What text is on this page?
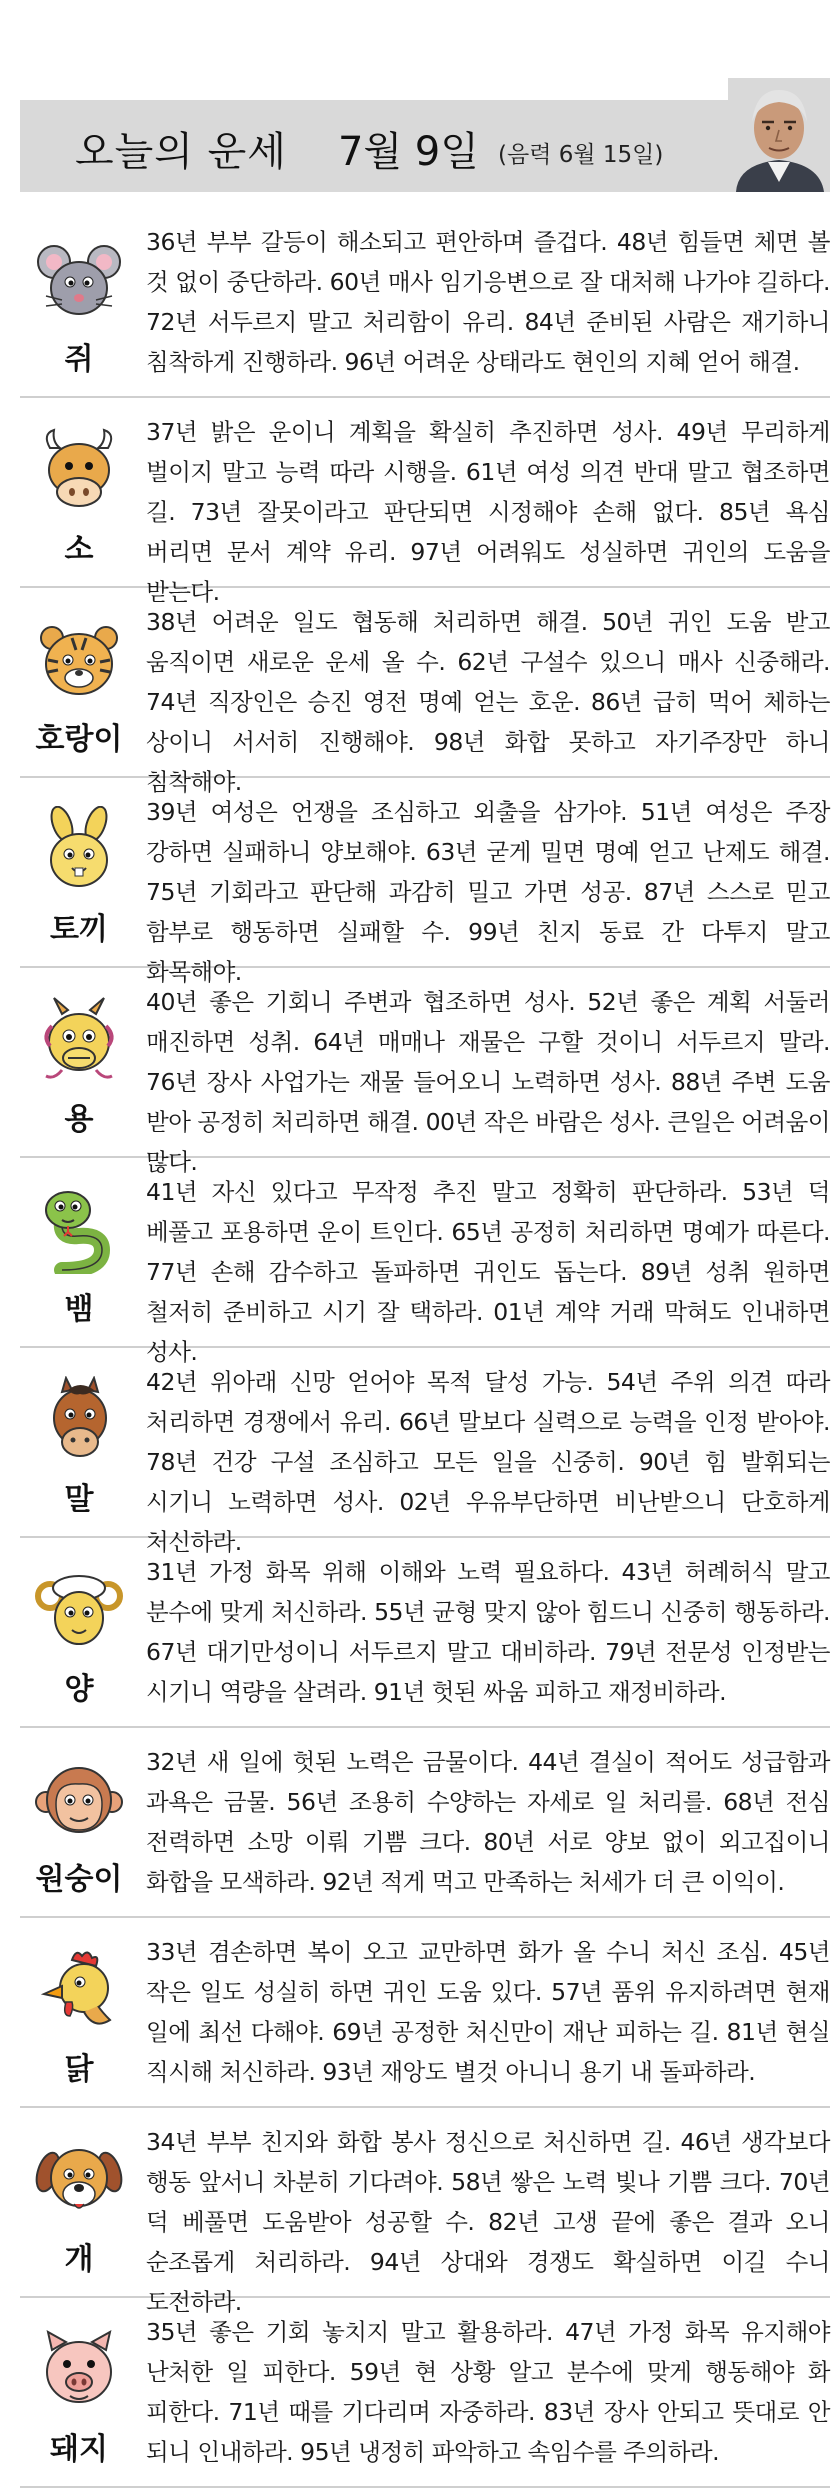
오늘의 운세 7월 9일 (음력 6월 15일)
쥐

36년 부부 갈등이 해소되고 편안하며 즐겁다. 48년 힘들면 체면 볼 것 없이 중단하라. 60년 매사 임기응변으로 잘 대처해 나가야 길하다. 72년 서두르지 말고 처리함이 유리. 84년 준비된 사람은 재기하니 침착하게 진행하라. 96년 어려운 상태라도 현인의 지혜 얻어 해결.

소

37년 밝은 운이니 계획을 확실히 추진하면 성사. 49년 무리하게 벌이지 말고 능력 따라 시행을. 61년 여성 의견 반대 말고 협조하면 길. 73년 잘못이라고 판단되면 시정해야 손해 없다. 85년 욕심 버리면 문서 계약 유리. 97년 어려워도 성실하면 귀인의 도움을 받는다.

호랑이

38년 어려운 일도 협동해 처리하면 해결. 50년 귀인 도움 받고 움직이면 새로운 운세 올 수. 62년 구설수 있으니 매사 신중해라. 74년 직장인은 승진 영전 명예 얻는 호운. 86년 급히 먹어 체하는 상이니 서서히 진행해야. 98년 화합 못하고 자기주장만 하니 침착해야.

토끼

39년 여성은 언쟁을 조심하고 외출을 삼가야. 51년 여성은 주장 강하면 실패하니 양보해야. 63년 굳게 밀면 명예 얻고 난제도 해결. 75년 기회라고 판단해 과감히 밀고 가면 성공. 87년 스스로 믿고 함부로 행동하면 실패할 수. 99년 친지 동료 간 다투지 말고 화목해야.

용

40년 좋은 기회니 주변과 협조하면 성사. 52년 좋은 계획 서둘러 매진하면 성취. 64년 매매나 재물은 구할 것이니 서두르지 말라. 76년 장사 사업가는 재물 들어오니 노력하면 성사. 88년 주변 도움 받아 공정히 처리하면 해결. 00년 작은 바람은 성사. 큰일은 어려움이 많다.

뱀

41년 자신 있다고 무작정 추진 말고 정확히 판단하라. 53년 덕 베풀고 포용하면 운이 트인다. 65년 공정히 처리하면 명예가 따른다. 77년 손해 감수하고 돌파하면 귀인도 돕는다. 89년 성취 원하면 철저히 준비하고 시기 잘 택하라. 01년 계약 거래 막혀도 인내하면 성사.

말

42년 위아래 신망 얻어야 목적 달성 가능. 54년 주위 의견 따라 처리하면 경쟁에서 유리. 66년 말보다 실력으로 능력을 인정 받아야. 78년 건강 구설 조심하고 모든 일을 신중히. 90년 힘 발휘되는 시기니 노력하면 성사. 02년 우유부단하면 비난받으니 단호하게 처신하라.

양

31년 가정 화목 위해 이해와 노력 필요하다. 43년 허례허식 말고 분수에 맞게 처신하라. 55년 균형 맞지 않아 힘드니 신중히 행동하라. 67년 대기만성이니 서두르지 말고 대비하라. 79년 전문성 인정받는 시기니 역량을 살려라. 91년 헛된 싸움 피하고 재정비하라.

원숭이

32년 새 일에 헛된 노력은 금물이다. 44년 결실이 적어도 성급함과 과욕은 금물. 56년 조용히 수양하는 자세로 일 처리를. 68년 전심 전력하면 소망 이뤄 기쁨 크다. 80년 서로 양보 없이 외고집이니 화합을 모색하라. 92년 적게 먹고 만족하는 처세가 더 큰 이익이.

닭

33년 겸손하면 복이 오고 교만하면 화가 올 수니 처신 조심. 45년 작은 일도 성실히 하면 귀인 도움 있다. 57년 품위 유지하려면 현재 일에 최선 다해야. 69년 공정한 처신만이 재난 피하는 길. 81년 현실 직시해 처신하라. 93년 재앙도 별것 아니니 용기 내 돌파하라.

개

34년 부부 친지와 화합 봉사 정신으로 처신하면 길. 46년 생각보다 행동 앞서니 차분히 기다려야. 58년 쌓은 노력 빛나 기쁨 크다. 70년 덕 베풀면 도움받아 성공할 수. 82년 고생 끝에 좋은 결과 오니 순조롭게 처리하라. 94년 상대와 경쟁도 확실하면 이길 수니 도전하라.

돼지

35년 좋은 기회 놓치지 말고 활용하라. 47년 가정 화목 유지해야 난처한 일 피한다. 59년 현 상황 알고 분수에 맞게 행동해야 화 피한다. 71년 때를 기다리며 자중하라. 83년 장사 안되고 뜻대로 안 되니 인내하라. 95년 냉정히 파악하고 속임수를 주의하라.
